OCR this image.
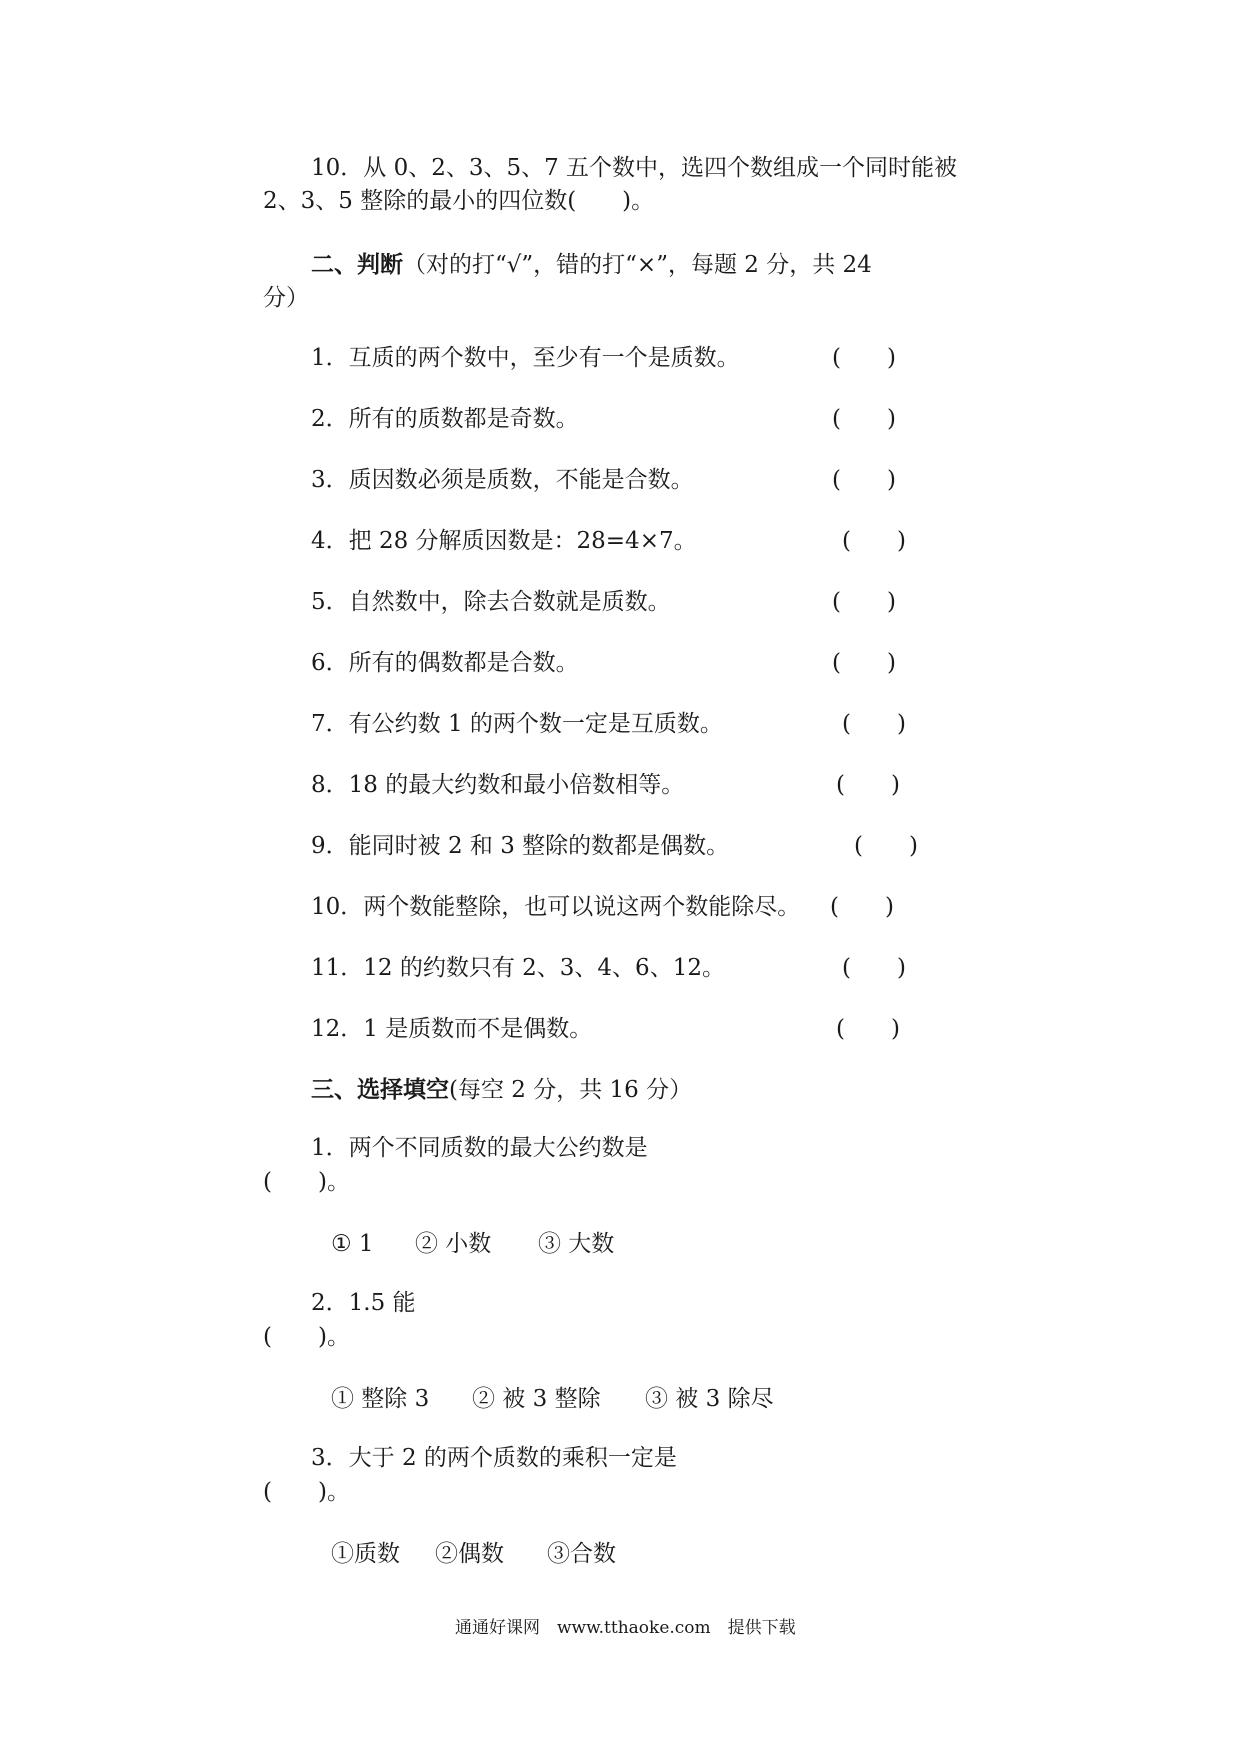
10．从 0、2、3、5、7 五个数中，选四个数组成一个同时能被
2、3、5 整除的最小的四位数(　　)。
二、判断（对的打“√”，错的打“×”，每题 2 分，共 24
分）
1．互质的两个数中，至少有一个是质数。	(　　)
2．所有的质数都是奇数。	(　　)
3．质因数必须是质数，不能是合数。	(　　)
4．把 28 分解质因数是：28=4×7。	(　　)
5．自然数中，除去合数就是质数。	(　　)
6．所有的偶数都是合数。	(　　)
7．有公约数 1 的两个数一定是互质数。	(　　)
8．18 的最大约数和最小倍数相等。	(　　)
9．能同时被 2 和 3 整除的数都是偶数。	(　　)
10．两个数能整除，也可以说这两个数能除尽。 (　　)
11．12 的约数只有 2、3、4、6、12。	(　　)
12．1 是质数而不是偶数。	(　　)
三、选择填空(每空 2 分，共 16 分）
1．两个不同质数的最大公约数是
(　　)。
① 1 ② 小数 ③ 大数
2．1.5 能
(　　)。
① 整除 3 ② 被 3 整除 ③ 被 3 除尽
3．大于 2 的两个质数的乘积一定是
(　　)。
①质数 ②偶数 ③合数
通通好课网　www.tthaoke.com　提供下载
